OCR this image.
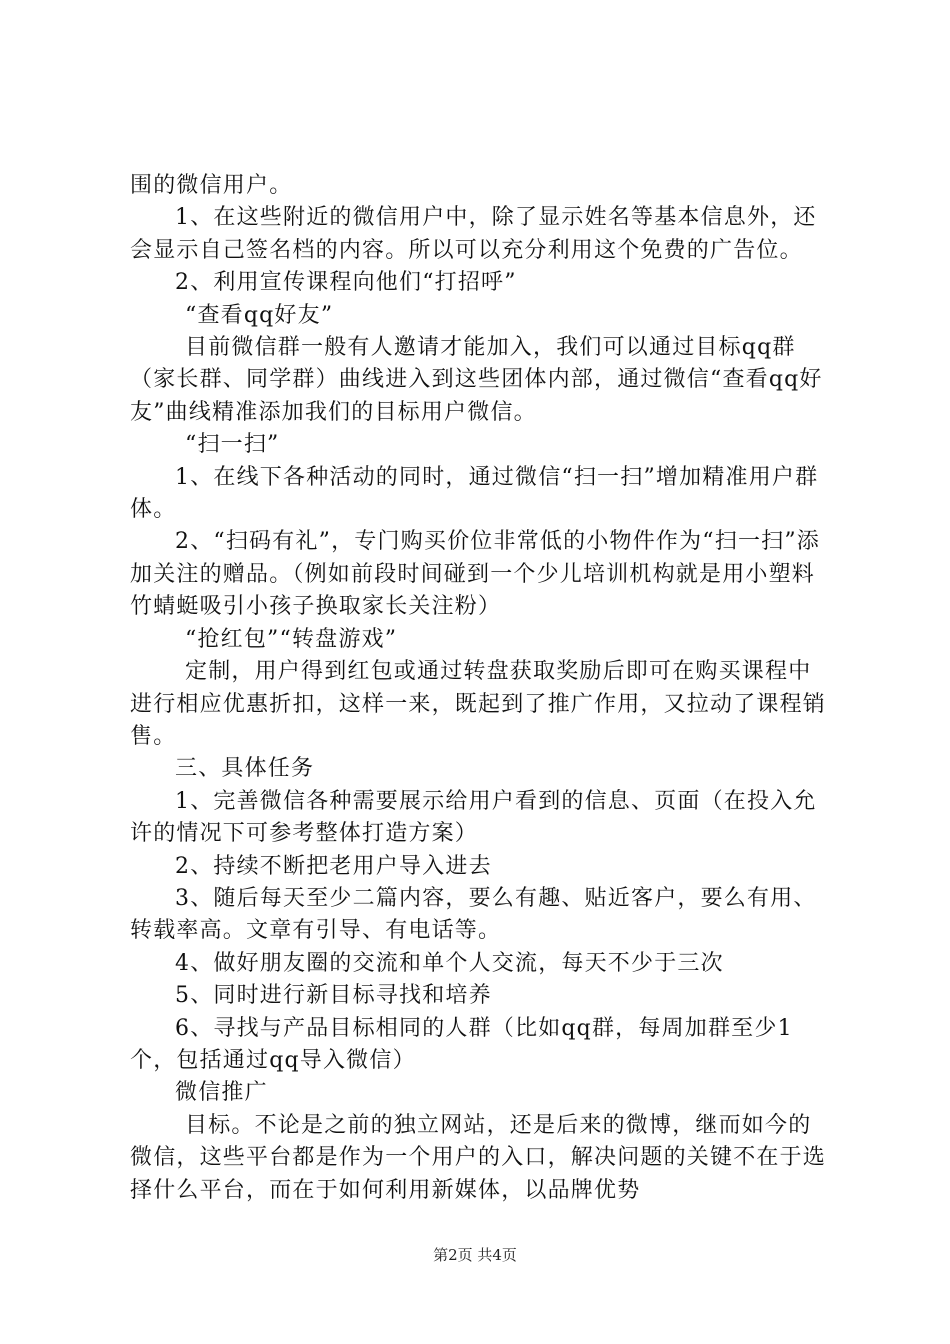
围的微信用户。

1、在这些附近的微信用户中，除了显示姓名等基本信息外，还会显示自己签名档的内容。所以可以充分利用这个免费的广告位。

2、利用宣传课程向他们“打招呼”

“查看qq好友”

目前微信群一般有人邀请才能加入，我们可以通过目标qq群（家长群、同学群）曲线进入到这些团体内部，通过微信“查看qq好友”曲线精准添加我们的目标用户微信。

“扫一扫”

1、在线下各种活动的同时，通过微信“扫一扫”增加精准用户群体。

2、“扫码有礼”，专门购买价位非常低的小物件作为“扫一扫”添加关注的赠品。（例如前段时间碰到一个少儿培训机构就是用小塑料竹蜻蜓吸引小孩子换取家长关注粉）

“抢红包”“转盘游戏”

定制，用户得到红包或通过转盘获取奖励后即可在购买课程中进行相应优惠折扣，这样一来，既起到了推广作用，又拉动了课程销售。

三、具体任务

1、完善微信各种需要展示给用户看到的信息、页面（在投入允许的情况下可参考整体打造方案）

2、持续不断把老用户导入进去

3、随后每天至少二篇内容，要么有趣、贴近客户，要么有用、转载率高。文章有引导、有电话等。

4、做好朋友圈的交流和单个人交流，每天不少于三次

5、同时进行新目标寻找和培养

6、寻找与产品目标相同的人群（比如qq群，每周加群至少1个，包括通过qq导入微信）

微信推广

目标。不论是之前的独立网站，还是后来的微博，继而如今的微信，这些平台都是作为一个用户的入口，解决问题的关键不在于选择什么平台，而在于如何利用新媒体，以品牌优势

第2页 共4页
